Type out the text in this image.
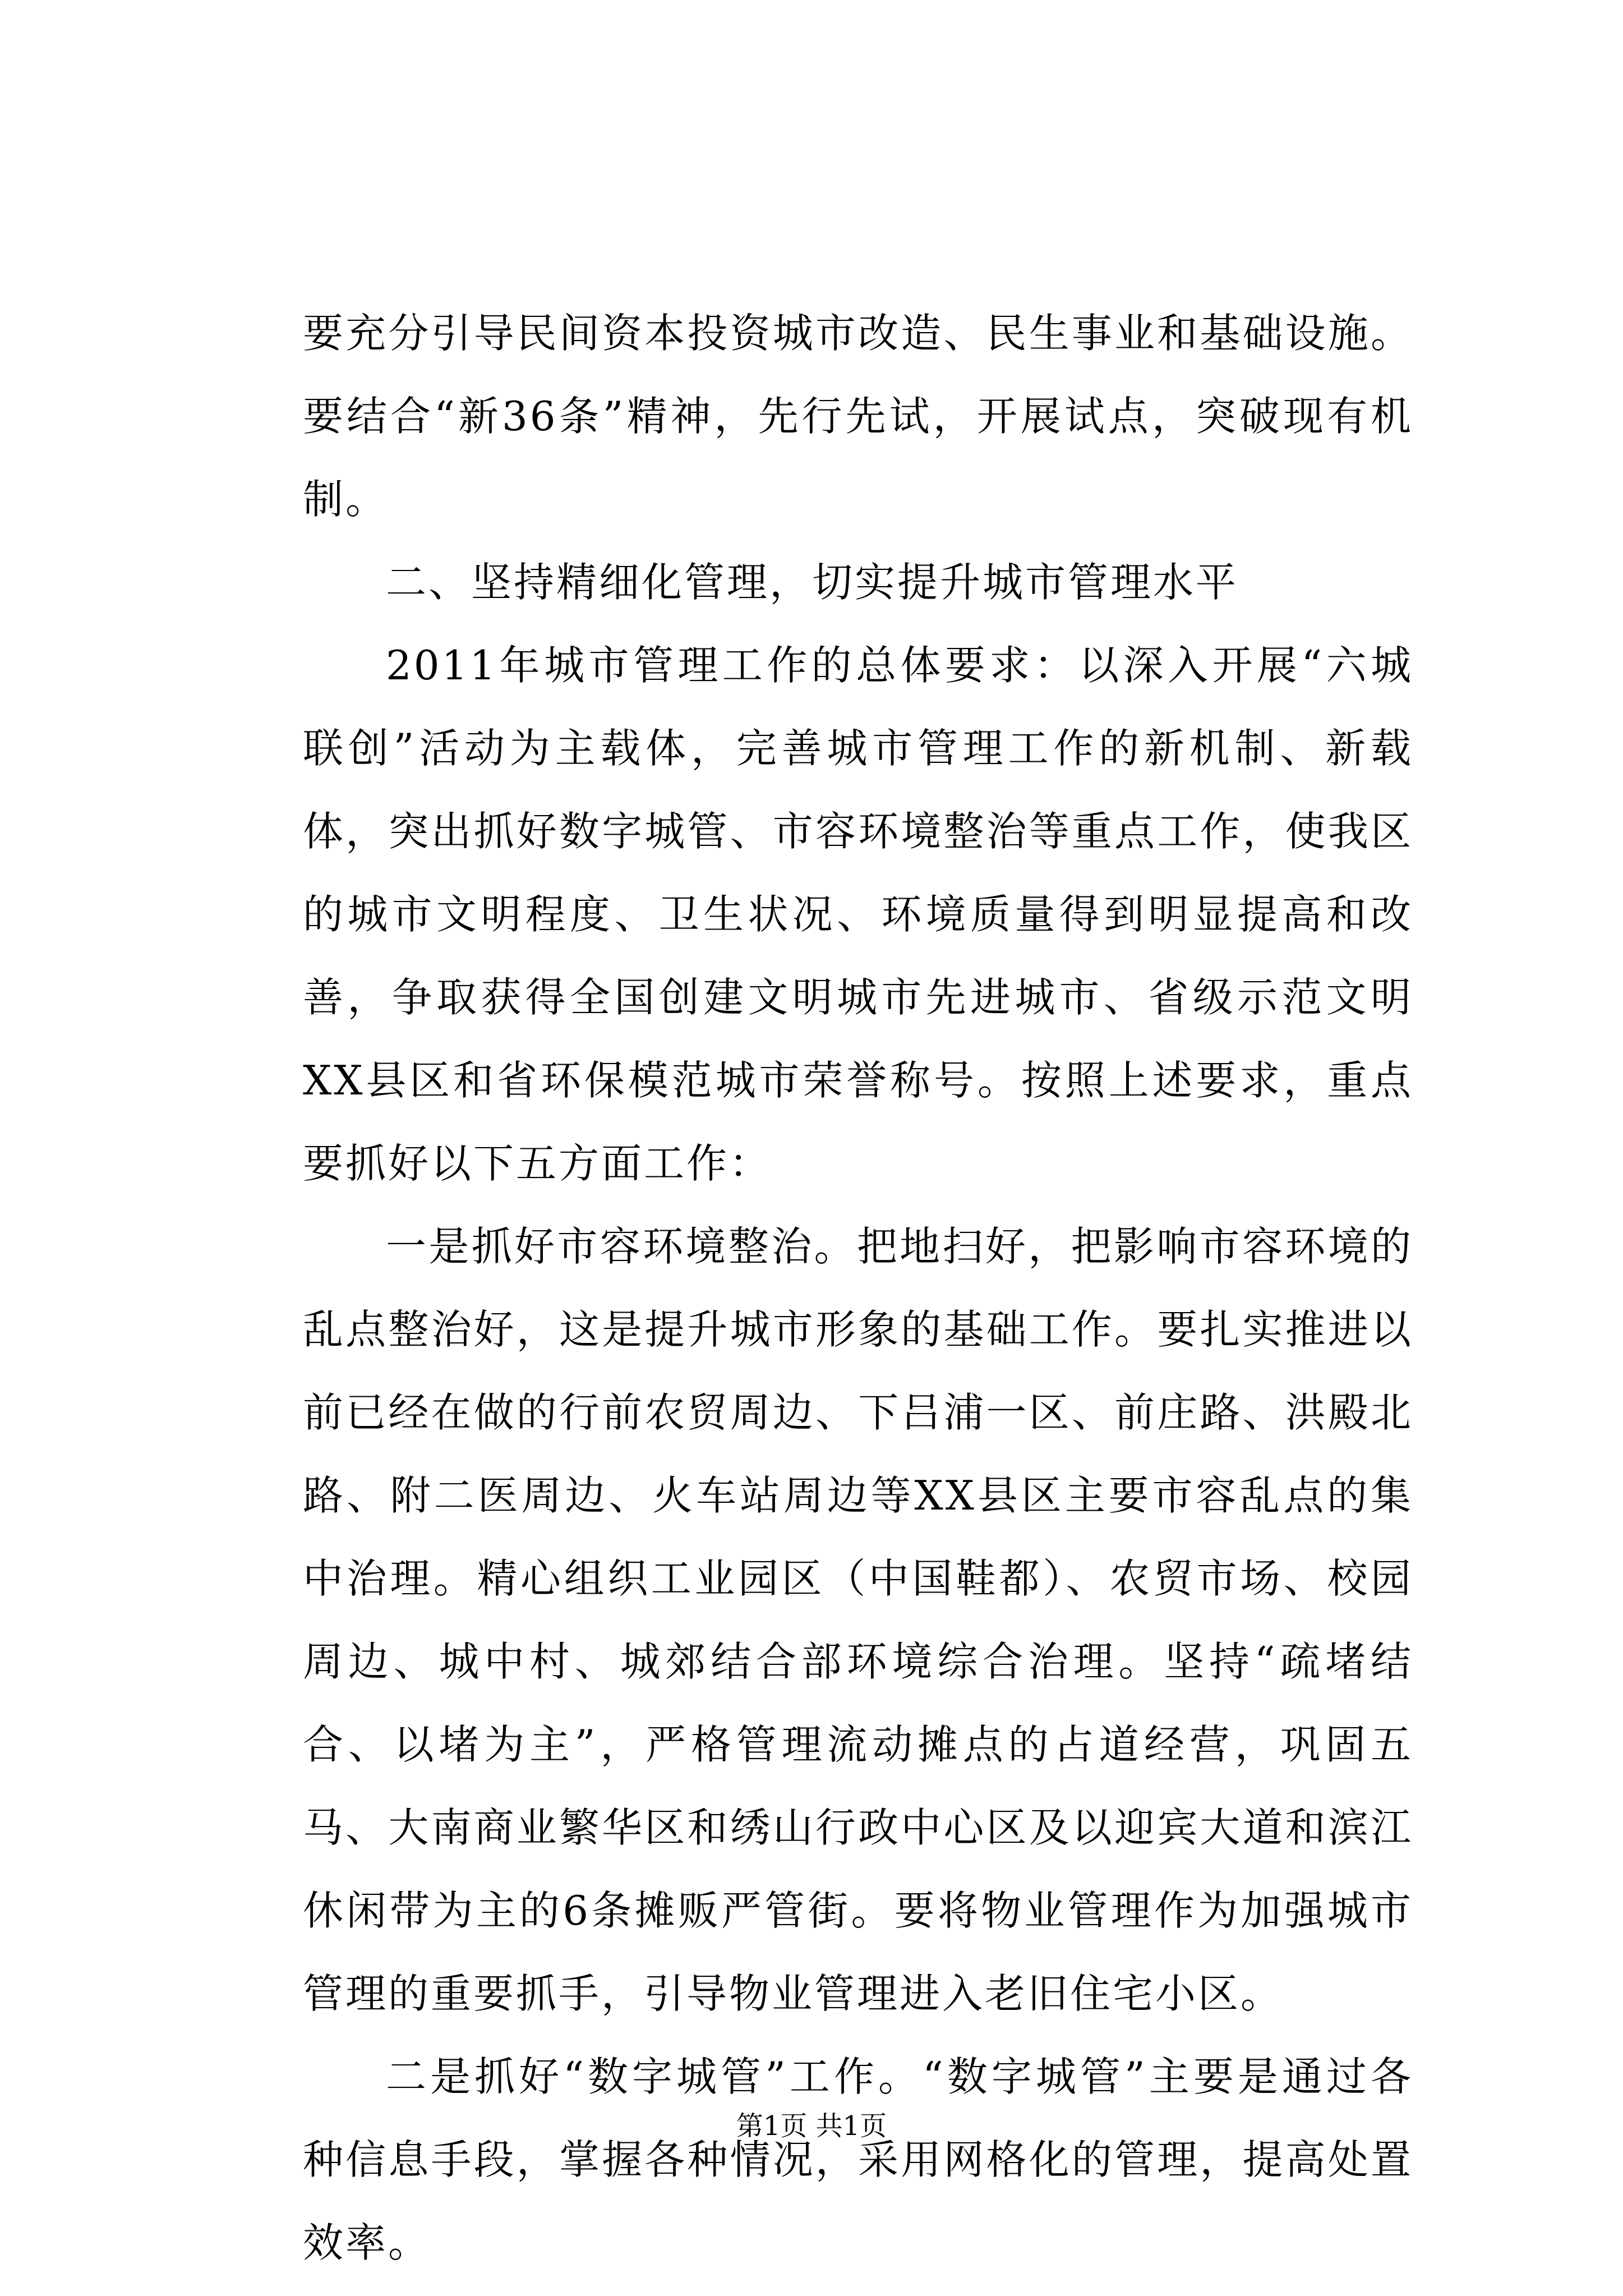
要充分引导民间资本投资城市改造、民生事业和基础设施。要结合“新36条”精神，先行先试，开展试点，突破现有机制。

二、坚持精细化管理，切实提升城市管理水平

2011年城市管理工作的总体要求：以深入开展“六城联创”活动为主载体，完善城市管理工作的新机制、新载体，突出抓好数字城管、市容环境整治等重点工作，使我区的城市文明程度、卫生状况、环境质量得到明显提高和改善，争取获得全国创建文明城市先进城市、省级示范文明XX县区和省环保模范城市荣誉称号。按照上述要求，重点要抓好以下五方面工作：

一是抓好市容环境整治。把地扫好，把影响市容环境的乱点整治好，这是提升城市形象的基础工作。要扎实推进以前已经在做的行前农贸周边、下吕浦一区、前庄路、洪殿北路、附二医周边、火车站周边等XX县区主要市容乱点的集中治理。精心组织工业园区（中国鞋都）、农贸市场、校园周边、城中村、城郊结合部环境综合治理。坚持“疏堵结合、以堵为主”，严格管理流动摊点的占道经营，巩固五马、大南商业繁华区和绣山行政中心区及以迎宾大道和滨江休闲带为主的6条摊贩严管街。要将物业管理作为加强城市管理的重要抓手，引导物业管理进入老旧住宅小区。

二是抓好“数字城管”工作。“数字城管”主要是通过各种信息手段，掌握各种情况，采用网格化的管理，提高处置效率。

第1页 共1页
